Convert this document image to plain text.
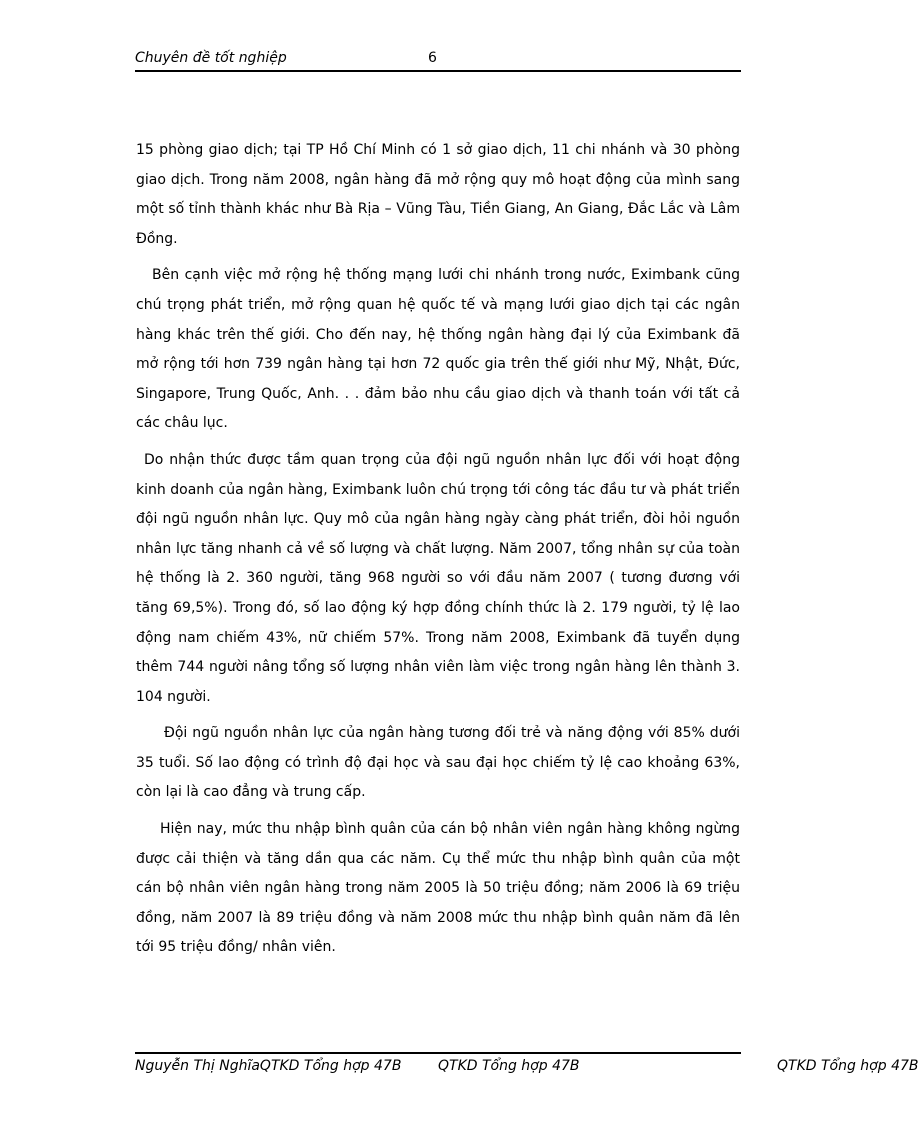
Chuyên đề tốt nghiệp	6

15 phòng giao dịch; tại TP Hồ Chí Minh có 1 sở giao dịch, 11 chi nhánh và 30 phòng giao dịch. Trong năm 2008, ngân hàng đã mở rộng quy mô hoạt động của mình sang một số tỉnh thành khác như Bà Rịa – Vũng Tàu, Tiền Giang, An Giang, Đắc Lắc và Lâm Đồng.

Bên cạnh việc mở rộng hệ thống mạng lưới chi nhánh trong nước, Eximbank cũng chú trọng phát triển, mở rộng quan hệ quốc tế và mạng lưới giao dịch tại các ngân hàng khác trên thế giới. Cho đến nay, hệ thống ngân hàng đại lý của Eximbank đã mở rộng tới hơn 739 ngân hàng tại hơn 72 quốc gia trên thế giới như Mỹ, Nhật, Đức, Singapore, Trung Quốc, Anh. . . đảm bảo nhu cầu giao dịch và thanh toán với tất cả các châu lục.

Do nhận thức được tầm quan trọng của đội ngũ nguồn nhân lực đối với hoạt động kinh doanh của ngân hàng, Eximbank luôn chú trọng tới công tác đầu tư và phát triển đội ngũ nguồn nhân lực. Quy mô của ngân hàng ngày càng phát triển, đòi hỏi nguồn nhân lực tăng nhanh cả về số lượng và chất lượng. Năm 2007, tổng nhân sự của toàn hệ thống là 2. 360 người, tăng 968 người so với đầu năm 2007 ( tương đương với tăng 69,5%). Trong đó, số lao động ký hợp đồng chính thức là 2. 179 người, tỷ lệ lao động nam chiếm 43%, nữ chiếm 57%. Trong năm 2008, Eximbank đã tuyển dụng thêm 744 người nâng tổng số lượng nhân viên làm việc trong ngân hàng lên thành 3. 104 người.

Đội ngũ nguồn nhân lực của ngân hàng tương đối trẻ và năng động với 85% dưới 35 tuổi. Số lao động có trình độ đại học và sau đại học chiếm tỷ lệ cao khoảng 63%, còn lại là cao đẳng và trung cấp.

Hiện nay, mức thu nhập bình quân của cán bộ nhân viên ngân hàng không ngừng được cải thiện và tăng dần qua các năm. Cụ thể mức thu nhập bình quân của một cán bộ nhân viên ngân hàng trong năm 2005 là 50 triệu đồng; năm 2006 là 69 triệu đồng, năm 2007 là 89 triệu đồng và năm 2008 mức thu nhập bình quân năm đã lên tới 95 triệu đồng/ nhân viên.

Nguyễn Thị NghĩaQTKD Tổng hợp 47B	QTKD Tổng hợp 47B	QTKD Tổng hợp 47B
